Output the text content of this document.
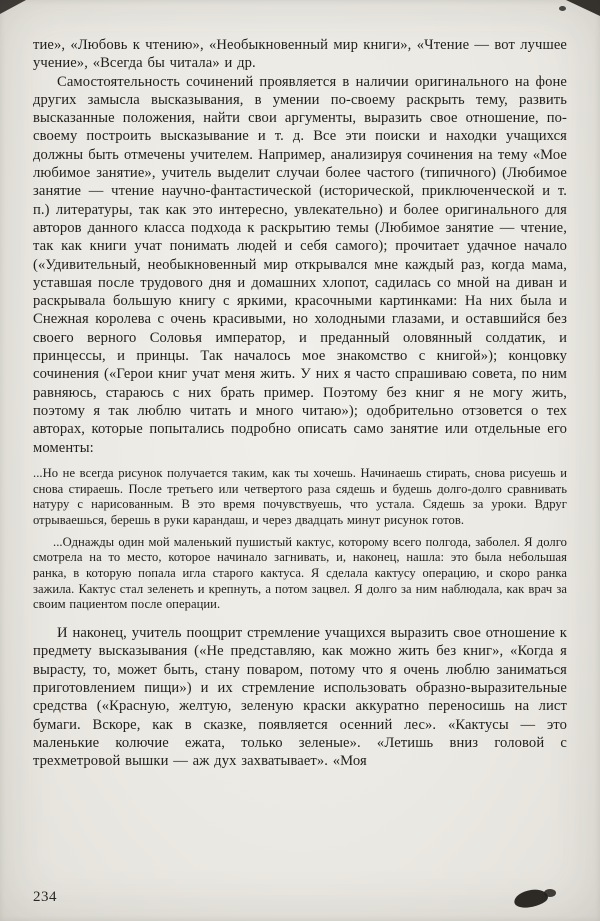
тие», «Любовь к чтению», «Необыкновенный мир книги», «Чтение — вот лучшее учение», «Всегда бы читала» и др.

Самостоятельность сочинений проявляется в наличии оригинального на фоне других замысла высказывания, в умении по-своему раскрыть тему, развить высказанные положения, найти свои аргументы, выразить свое отношение, по-своему построить высказывание и т. д. Все эти поиски и находки учащихся должны быть отмечены учителем. Например, анализируя сочинения на тему «Мое любимое занятие», учитель выделит случаи более частого (типичного) (Любимое занятие — чтение научно-фантастической (исторической, приключенческой и т. п.) литературы, так как это интересно, увлекательно) и более оригинального для авторов данного класса подхода к раскрытию темы (Любимое занятие — чтение, так как книги учат понимать людей и себя самого); прочитает удачное начало («Удивительный, необыкновенный мир открывался мне каждый раз, когда мама, уставшая после трудового дня и домашних хлопот, садилась со мной на диван и раскрывала большую книгу с яркими, красочными картинками: На них была и Снежная королева с очень красивыми, но холодными глазами, и оставшийся без своего верного Соловья император, и преданный оловянный солдатик, и принцессы, и принцы. Так началось мое знакомство с книгой»); концовку сочинения («Герои книг учат меня жить. У них я часто спрашиваю совета, по ним равняюсь, стараюсь с них брать пример. Поэтому без книг я не могу жить, поэтому я так люблю читать и много читаю»); одобрительно отзовется о тех авторах, которые попытались подробно описать само занятие или отдельные его моменты:

...Но не всегда рисунок получается таким, как ты хочешь. Начинаешь стирать, снова рисуешь и снова стираешь. После третьего или четвертого раза сядешь и будешь долго-долго сравнивать натуру с нарисованным. В это время почувствуешь, что устала. Сядешь за уроки. Вдруг отрываешься, берешь в руки карандаш, и через двадцать минут рисунок готов.

...Однажды один мой маленький пушистый кактус, которому всего полгода, заболел. Я долго смотрела на то место, которое начинало загнивать, и, наконец, нашла: это была небольшая ранка, в которую попала игла старого кактуса. Я сделала кактусу операцию, и скоро ранка зажила. Кактус стал зеленеть и крепнуть, а потом зацвел. Я долго за ним наблюдала, как врач за своим пациентом после операции.

И наконец, учитель поощрит стремление учащихся выразить свое отношение к предмету высказывания («Не представляю, как можно жить без книг», «Когда я вырасту, то, может быть, стану поваром, потому что я очень люблю заниматься приготовлением пищи») и их стремление использовать образно-выразительные средства («Красную, желтую, зеленую краски аккуратно переносишь на лист бумаги. Вскоре, как в сказке, появляется осенний лес». «Кактусы — это маленькие колючие ежата, только зеленые». «Летишь вниз головой с трехметровой вышки — аж дух захватывает». «Моя

234
